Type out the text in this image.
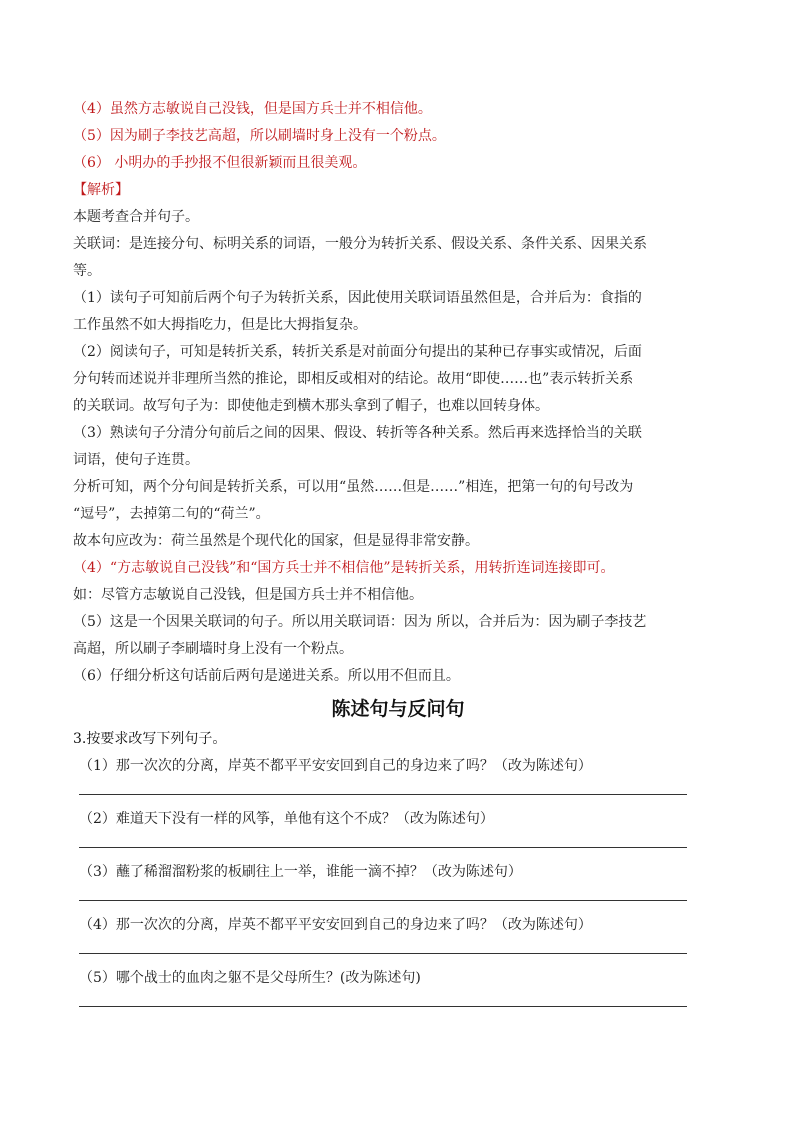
（4）虽然方志敏说自己没钱，但是国方兵士并不相信他。
（5）因为刷子李技艺高超，所以刷墙时身上没有一个粉点。
（6） 小明办的手抄报不但很新颖而且很美观。
【解析】
本题考查合并句子。
关联词：是连接分句、标明关系的词语，一般分为转折关系、假设关系、条件关系、因果关系
等。
（1）读句子可知前后两个句子为转折关系，因此使用关联词语虽然但是，合并后为：食指的
工作虽然不如大拇指吃力，但是比大拇指复杂。
（2）阅读句子，可知是转折关系，转折关系是对前面分句提出的某种已存事实或情况，后面
分句转而述说并非理所当然的推论，即相反或相对的结论。故用“即使……也”表示转折关系
的关联词。故写句子为：即使他走到横木那头拿到了帽子，也难以回转身体。
（3）熟读句子分清分句前后之间的因果、假设、转折等各种关系。然后再来选择恰当的关联
词语，使句子连贯。
分析可知，两个分句间是转折关系，可以用“虽然……但是……”相连，把第一句的句号改为
“逗号”，去掉第二句的“荷兰”。
故本句应改为：荷兰虽然是个现代化的国家，但是显得非常安静。
（4）“方志敏说自己没钱”和“国方兵士并不相信他”是转折关系，用转折连词连接即可。
如：尽管方志敏说自己没钱，但是国方兵士并不相信他。
（5）这是一个因果关联词的句子。所以用关联词语：因为 所以，合并后为：因为刷子李技艺
高超，所以刷子李刷墙时身上没有一个粉点。
（6）仔细分析这句话前后两句是递进关系。所以用不但而且。
陈述句与反问句
3.按要求改写下列句子。
（1）那一次次的分离，岸英不都平平安安回到自己的身边来了吗？（改为陈述句）
（2）难道天下没有一样的风筝，单他有这个不成？（改为陈述句）
（3）蘸了稀溜溜粉浆的板刷往上一举，谁能一滴不掉？（改为陈述句）
（4）那一次次的分离，岸英不都平平安安回到自己的身边来了吗？（改为陈述句）
（5）哪个战士的血肉之躯不是父母所生？(改为陈述句)
